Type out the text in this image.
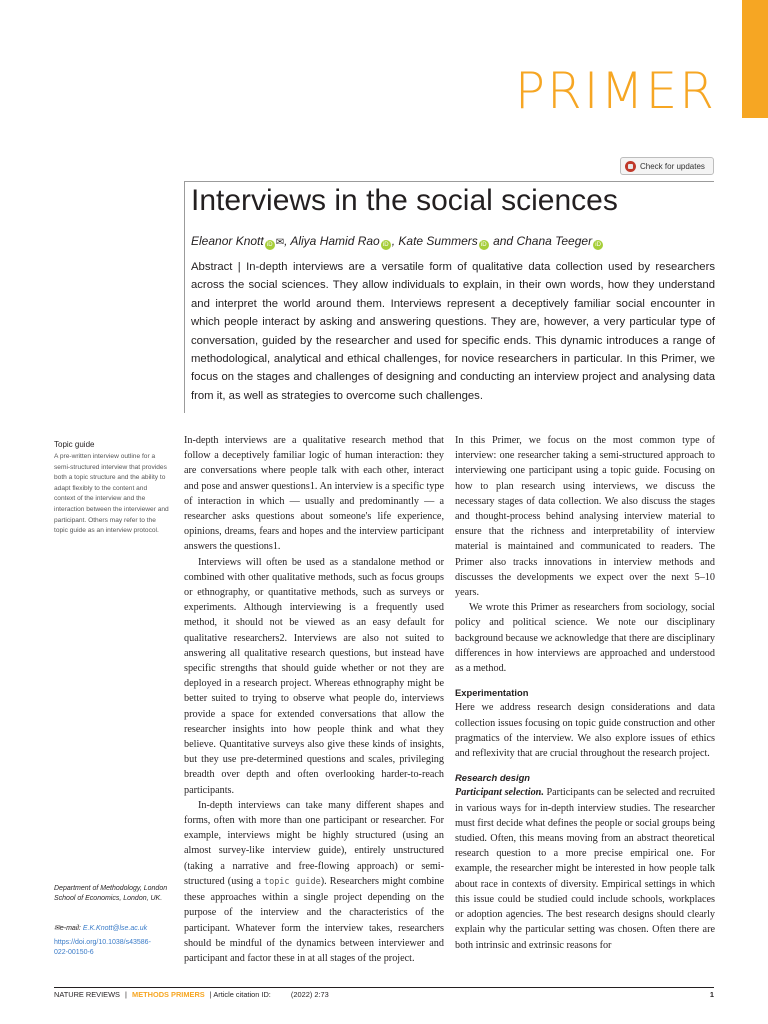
PRIMER
Check for updates
Interviews in the social sciences
Eleanor Knott iD ✉, Aliya Hamid Rao iD , Kate Summers iD and Chana Teeger iD

Abstract | In-depth interviews are a versatile form of qualitative data collection used by researchers across the social sciences. They allow individuals to explain, in their own words, how they understand and interpret the world around them. Interviews represent a deceptively familiar social encounter in which people interact by asking and answering questions. They are, however, a very particular type of conversation, guided by the researcher and used for specific ends. This dynamic introduces a range of methodological, analytical and ethical challenges, for novice researchers in particular. In this Primer, we focus on the stages and challenges of designing and conducting an interview project and analysing data from it, as well as strategies to overcome such challenges.

Topic guide
A pre-written interview outline for a semi-structured interview that provides both a topic structure and the ability to adapt flexibly to the content and context of the interview and the interaction between the interviewer and participant. Others may refer to the topic guide as an interview protocol.
Department of Methodology, London School of Economics, London, UK.
✉e-mail: E.K.Knott@lse.ac.uk
https://doi.org/10.1038/s43586-022-00150-6

In-depth interviews are a qualitative research method that follow a deceptively familiar logic of human interaction: they are conversations where people talk with each other, interact and pose and answer questions1. An interview is a specific type of interaction in which — usually and predominantly — a researcher asks questions about someone's life experience, opinions, dreams, fears and hopes and the interview participant answers the questions1.

Interviews will often be used as a standalone method or combined with other qualitative methods, such as focus groups or ethnography, or quantitative methods, such as surveys or experiments. Although interviewing is a frequently used method, it should not be viewed as an easy default for qualitative researchers2. Interviews are also not suited to answering all qualitative research questions, but instead have specific strengths that should guide whether or not they are deployed in a research project. Whereas ethnography might be better suited to trying to observe what people do, interviews provide a space for extended conversations that allow the researcher insights into how people think and what they believe. Quantitative surveys also give these kinds of insights, but they use pre-determined questions and scales, privileging breadth over depth and often overlooking harder-to-reach participants.

In-depth interviews can take many different shapes and forms, often with more than one participant or researcher. For example, interviews might be highly structured (using an almost survey-like interview guide), entirely unstructured (taking a narrative and free-flowing approach) or semi-structured (using a topic guide). Researchers might combine these approaches within a single project depending on the purpose of the interview and the characteristics of the participant. Whatever form the interview takes, researchers should be mindful of the dynamics between interviewer and participant and factor these in at all stages of the project.

In this Primer, we focus on the most common type of interview: one researcher taking a semi-structured approach to interviewing one participant using a topic guide. Focusing on how to plan research using interviews, we discuss the necessary stages of data collection. We also discuss the stages and thought-process behind analysing interview material to ensure that the richness and interpretability of interview material is maintained and communicated to readers. The Primer also tracks innovations in interview methods and discusses the developments we expect over the next 5–10 years.

We wrote this Primer as researchers from sociology, social policy and political science. We note our disciplinary background because we acknowledge that there are disciplinary differences in how interviews are approached and understood as a method.

Experimentation

Here we address research design considerations and data collection issues focusing on topic guide construction and other pragmatics of the interview. We also explore issues of ethics and reflexivity that are crucial throughout the research project.

Research design

Participant selection. Participants can be selected and recruited in various ways for in-depth interview studies. The researcher must first decide what defines the people or social groups being studied. Often, this means moving from an abstract theoretical research question to a more precise empirical one. For example, the researcher might be interested in how people talk about race in contexts of diversity. Empirical settings in which this issue could be studied could include schools, workplaces or adoption agencies. The best research designs should clearly explain why the particular setting was chosen. Often there are both intrinsic and extrinsic reasons for

NATURE REVIEWS | METHODS PRIMERS | Article citation ID:	(2022) 2:73	1
